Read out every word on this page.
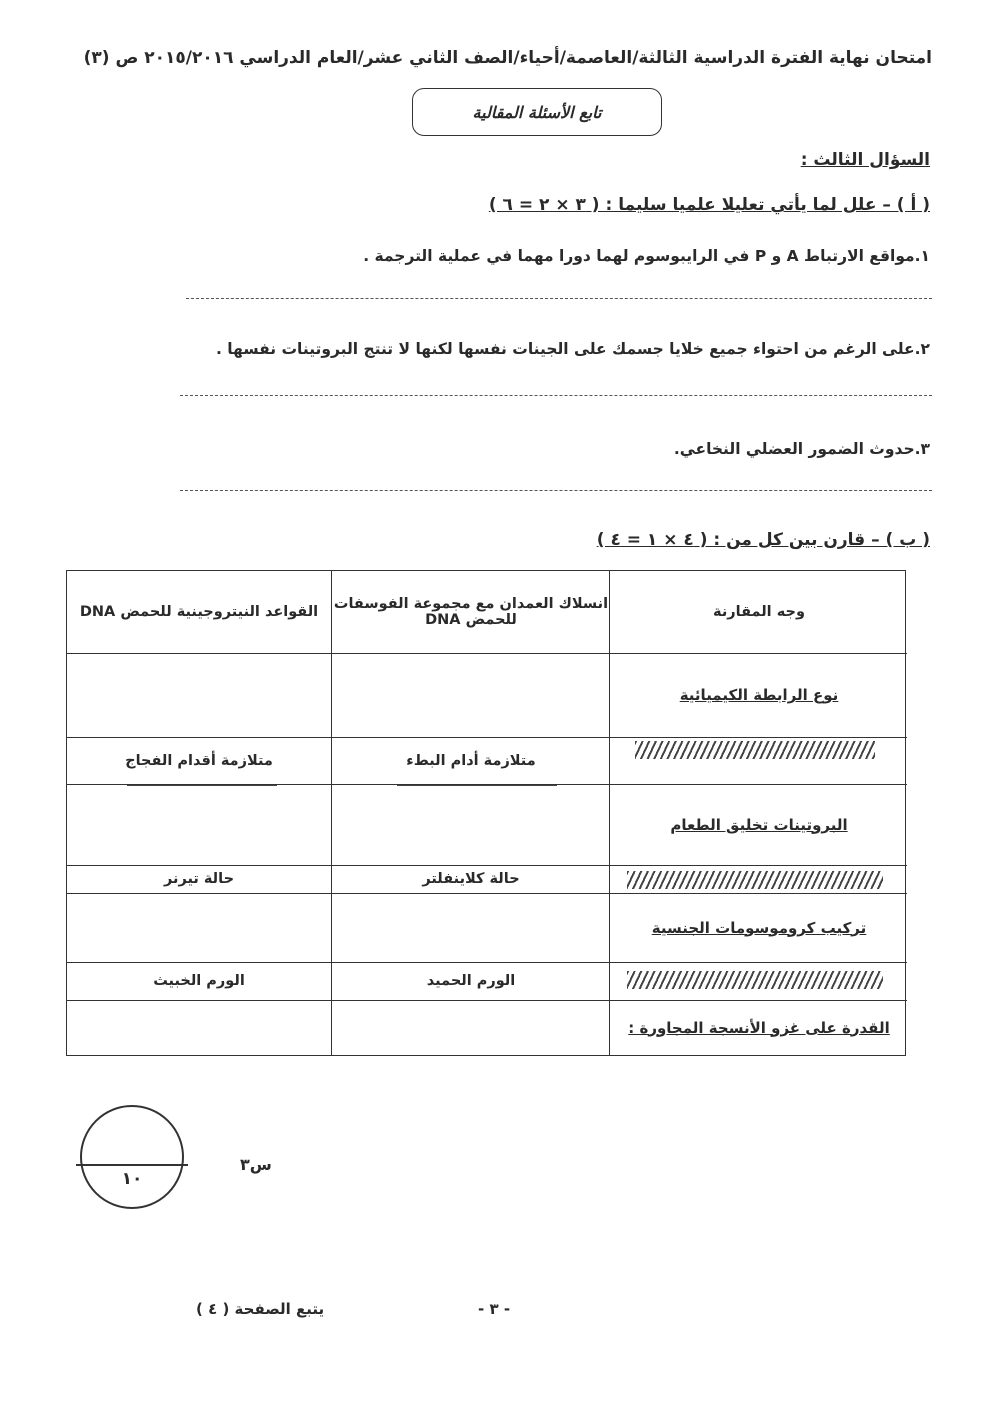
امتحان نهاية الفترة الدراسية الثالثة/العاصمة/أحياء/الصف الثاني عشر/العام الدراسي ٢٠١٥/٢٠١٦ ص (٣)
تابع الأسئلة المقالية
السؤال الثالث :
( أ ) – علل لما يأتي تعليلا علميا سليما : ( ٣ × ٢ = ٦ )
١.مواقع الارتباط A و P في الرايبوسوم لهما دورا مهما في عملية الترجمة .
٢.على الرغم من احتواء جميع خلايا جسمك على الجينات نفسها لكنها لا تنتج البروتينات نفسها .
٣.حدوث الضمور العضلي النخاعي.
( ب ) – قارن بين كل من : ( ٤ × ١ = ٤ )
وجه المقارنة
انسلاك العمدان مع مجموعة الفوسفات للحمض DNA
القواعد النيتروجينية للحمض DNA
نوع الرابطة الكيميائية
متلازمة أدام البطء
متلازمة أقدام الفجاج
البروتينات تخليق الطعام
حالة كلاينفلتر
حالة تيرنر
تركيب كروموسومات الجنسية
الورم الحميد
الورم الخبيث
القدرة على غزو الأنسجة المجاورة :
١٠
س٣
- ٣ -
يتبع الصفحة ( ٤ )
